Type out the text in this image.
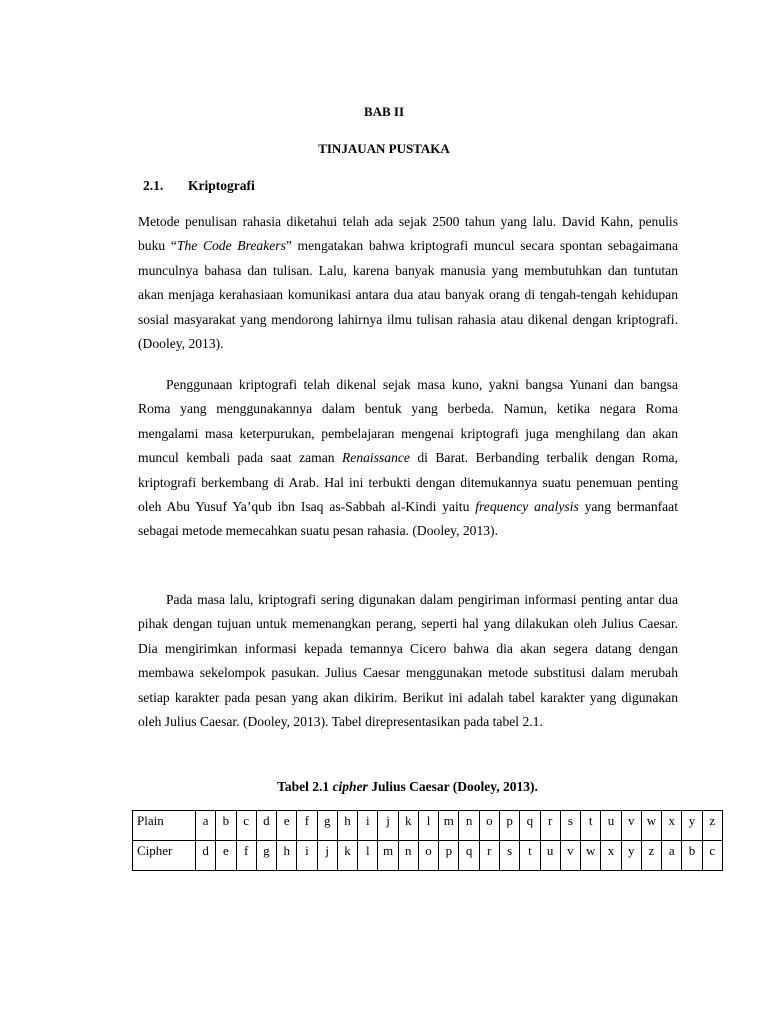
BAB II
TINJAUAN PUSTAKA
2.1. Kriptografi

Metode penulisan rahasia diketahui telah ada sejak 2500 tahun yang lalu. David Kahn, penulis buku “The Code Breakers” mengatakan bahwa kriptografi muncul secara spontan sebagaimana munculnya bahasa dan tulisan. Lalu, karena banyak manusia yang membutuhkan dan tuntutan akan menjaga kerahasiaan komunikasi antara dua atau banyak orang di tengah-tengah kehidupan sosial masyarakat yang mendorong lahirnya ilmu tulisan rahasia atau dikenal dengan kriptografi. (Dooley, 2013).

Penggunaan kriptografi telah dikenal sejak masa kuno, yakni bangsa Yunani dan bangsa Roma yang menggunakannya dalam bentuk yang berbeda. Namun, ketika negara Roma mengalami masa keterpurukan, pembelajaran mengenai kriptografi juga menghilang dan akan muncul kembali pada saat zaman Renaissance di Barat. Berbanding terbalik dengan Roma, kriptografi berkembang di Arab. Hal ini terbukti dengan ditemukannya suatu penemuan penting oleh Abu Yusuf Ya’qub ibn Isaq as-Sabbah al-Kindi yaitu frequency analysis yang bermanfaat sebagai metode memecahkan suatu pesan rahasia. (Dooley, 2013).

Pada masa lalu, kriptografi sering digunakan dalam pengiriman informasi penting antar dua pihak dengan tujuan untuk memenangkan perang, seperti hal yang dilakukan oleh Julius Caesar. Dia mengirimkan informasi kepada temannya Cicero bahwa dia akan segera datang dengan membawa sekelompok pasukan. Julius Caesar menggunakan metode substitusi dalam merubah setiap karakter pada pesan yang akan dikirim. Berikut ini adalah tabel karakter yang digunakan oleh Julius Caesar. (Dooley, 2013). Tabel direpresentasikan pada tabel 2.1.

Tabel 2.1 cipher Julius Caesar (Dooley, 2013).
Plain	a	b	c	d	e	f	g	h	i	j	k	l	m	n	o	p	q	r	s	t	u	v	w	x	y	z
Cipher	d	e	f	g	h	i	j	k	l	m	n	o	p	q	r	s	t	u	v	w	x	y	z	a	b	c
